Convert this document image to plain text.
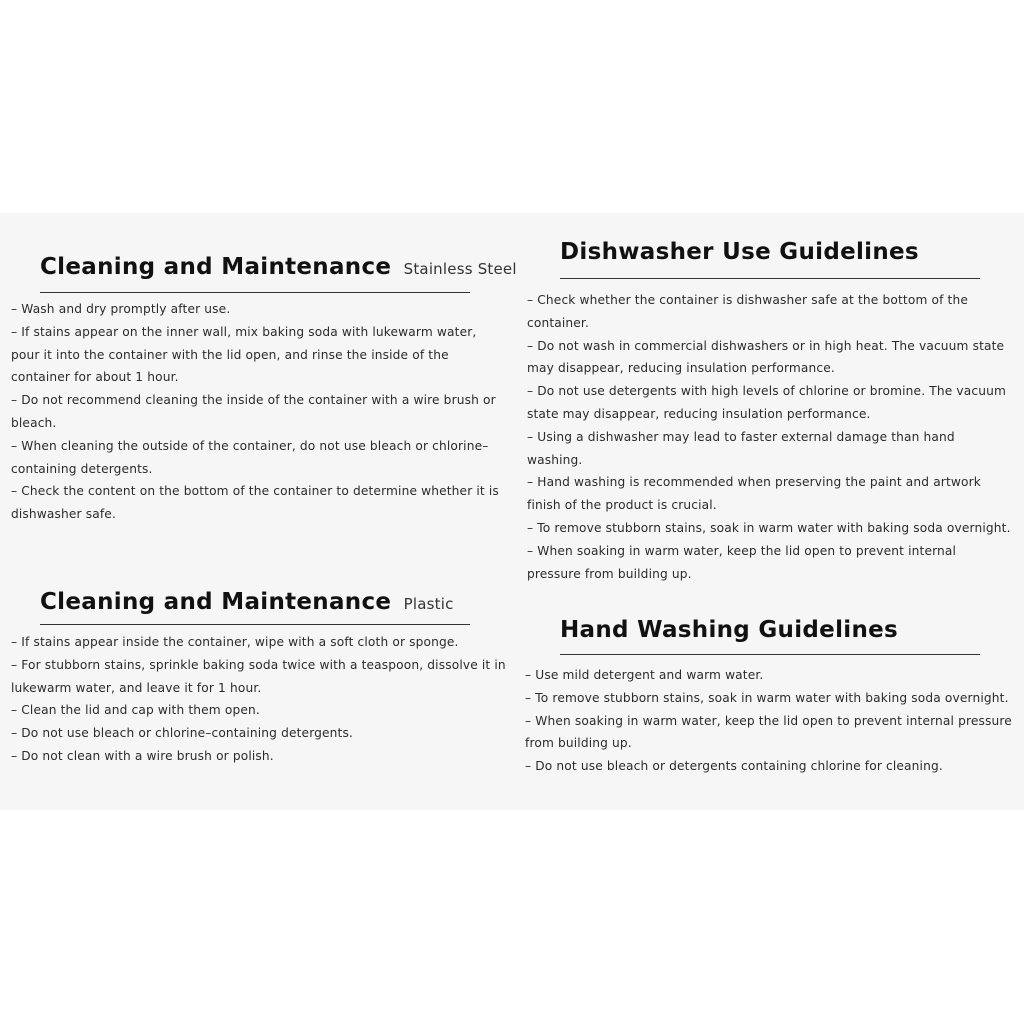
Cleaning and Maintenance Stainless Steel
– Wash and dry promptly after use.
– If stains appear on the inner wall, mix baking soda with lukewarm water, pour it into the container with the lid open, and rinse the inside of the container for about 1 hour.
– Do not recommend cleaning the inside of the container with a wire brush or bleach.
– When cleaning the outside of the container, do not use bleach or chlorine–containing detergents.
– Check the content on the bottom of the container to determine whether it is dishwasher safe.
Cleaning and Maintenance Plastic
– If stains appear inside the container, wipe with a soft cloth or sponge.
– For stubborn stains, sprinkle baking soda twice with a teaspoon, dissolve it in lukewarm water, and leave it for 1 hour.
– Clean the lid and cap with them open.
– Do not use bleach or chlorine–containing detergents.
– Do not clean with a wire brush or polish.
Dishwasher Use Guidelines
– Check whether the container is dishwasher safe at the bottom of the container.
– Do not wash in commercial dishwashers or in high heat. The vacuum state may disappear, reducing insulation performance.
– Do not use detergents with high levels of chlorine or bromine. The vacuum state may disappear, reducing insulation performance.
– Using a dishwasher may lead to faster external damage than hand washing.
– Hand washing is recommended when preserving the paint and artwork finish of the product is crucial.
– To remove stubborn stains, soak in warm water with baking soda overnight.
– When soaking in warm water, keep the lid open to prevent internal pressure from building up.
Hand Washing Guidelines
– Use mild detergent and warm water.
– To remove stubborn stains, soak in warm water with baking soda overnight.
– When soaking in warm water, keep the lid open to prevent internal pressure from building up.
– Do not use bleach or detergents containing chlorine for cleaning.
